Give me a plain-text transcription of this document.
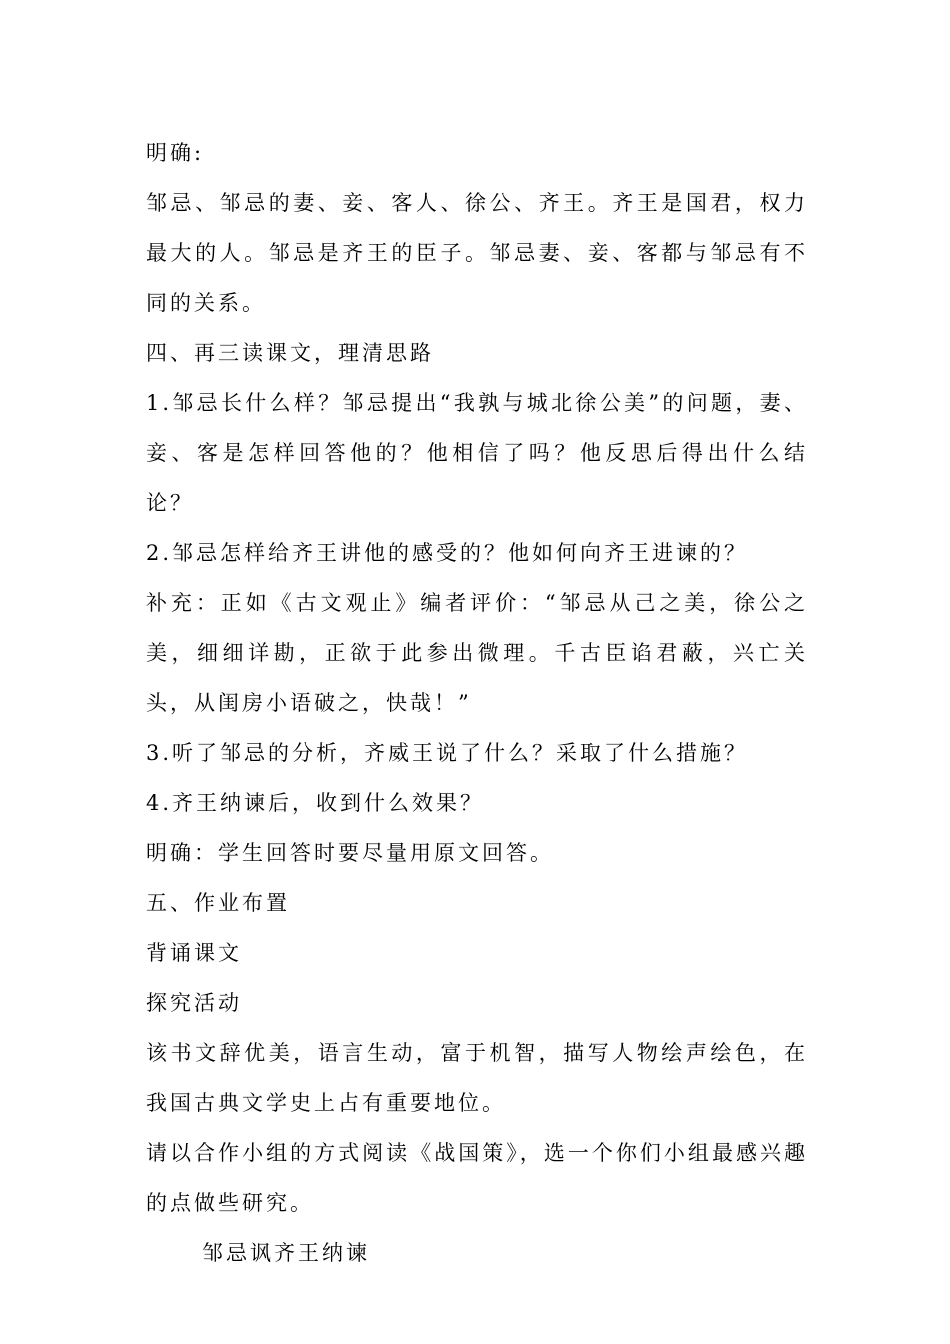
明确:

邹忌、邹忌的妻、妾、客人、徐公、齐王。齐王是国君，权力最大的人。邹忌是齐王的臣子。邹忌妻、妾、客都与邹忌有不同的关系。

四、再三读课文，理清思路

1.邹忌长什么样？邹忌提出“我孰与城北徐公美”的问题，妻、妾、客是怎样回答他的？他相信了吗？他反思后得出什么结论？

2.邹忌怎样给齐王讲他的感受的？他如何向齐王进谏的？

补充：正如《古文观止》编者评价：“邹忌从己之美，徐公之美，细细详勘，正欲于此参出微理。千古臣谄君蔽，兴亡关头，从闺房小语破之，快哉！”

3.听了邹忌的分析，齐威王说了什么？采取了什么措施？

4.齐王纳谏后，收到什么效果？

明确：学生回答时要尽量用原文回答。

五、作业布置

背诵课文

探究活动

该书文辞优美，语言生动，富于机智，描写人物绘声绘色，在我国古典文学史上占有重要地位。

请以合作小组的方式阅读《战国策》，选一个你们小组最感兴趣的点做些研究。

邹忌讽齐王纳谏
